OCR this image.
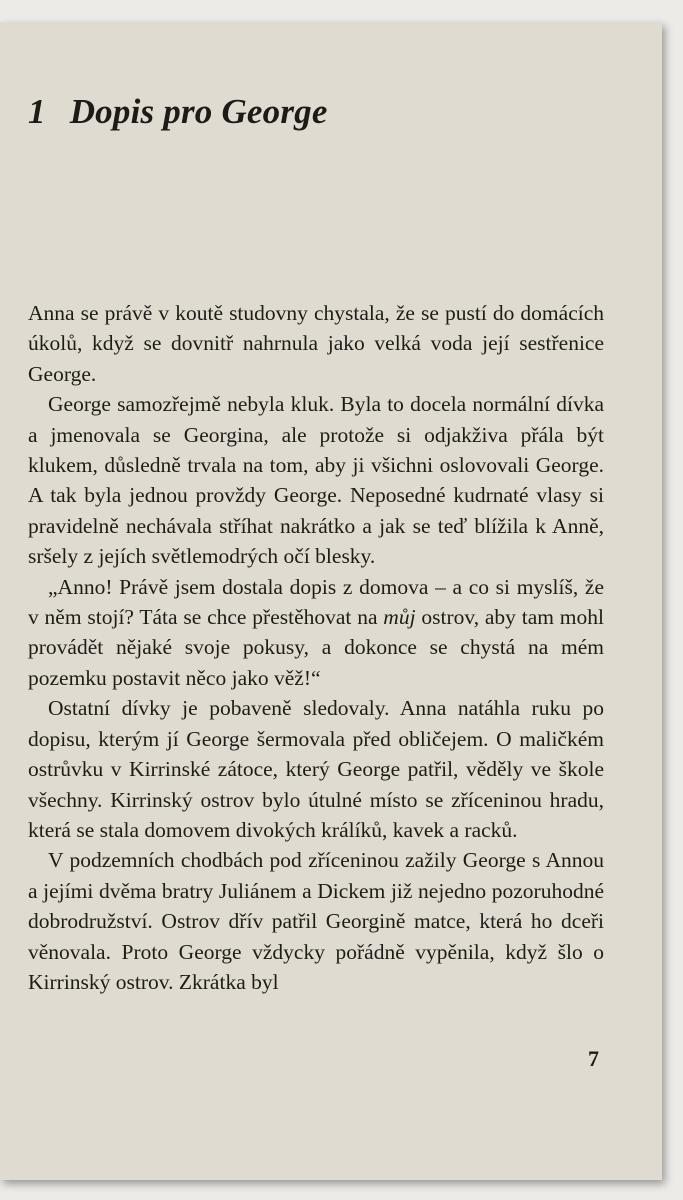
1 Dopis pro George

Anna se právě v koutě studovny chystala, že se pustí do domácích úkolů, když se dovnitř nahrnula jako velká voda její sestřenice George.

George samozřejmě nebyla kluk. Byla to docela normální dívka a jmenovala se Georgina, ale protože si odjakživa přála být klukem, důsledně trvala na tom, aby ji všichni oslovovali George. A tak byla jednou provždy George. Neposedné kudrnaté vlasy si pravidelně nechávala stříhat nakrátko a jak se teď blížila k Anně, sršely z jejích světlemodrých očí blesky.

„Anno! Právě jsem dostala dopis z domova – a co si myslíš, že v něm stojí? Táta se chce přestěhovat na můj ostrov, aby tam mohl provádět nějaké svoje pokusy, a dokonce se chystá na mém pozemku postavit něco jako věž!“

Ostatní dívky je pobaveně sledovaly. Anna natáhla ruku po dopisu, kterým jí George šermovala před obličejem. O maličkém ostrůvku v Kirrinské zátoce, který George patřil, věděly ve škole všechny. Kirrinský ostrov bylo útulné místo se zříceninou hradu, která se stala domovem divokých králíků, kavek a racků.

V podzemních chodbách pod zříceninou zažily George s Annou a jejími dvěma bratry Juliánem a Dickem již nejedno pozoruhodné dobrodružství. Ostrov dřív patřil Georgině matce, která ho dceři věnovala. Proto George vždycky pořádně vypěnila, když šlo o Kirrinský ostrov. Zkrátka byl

7
